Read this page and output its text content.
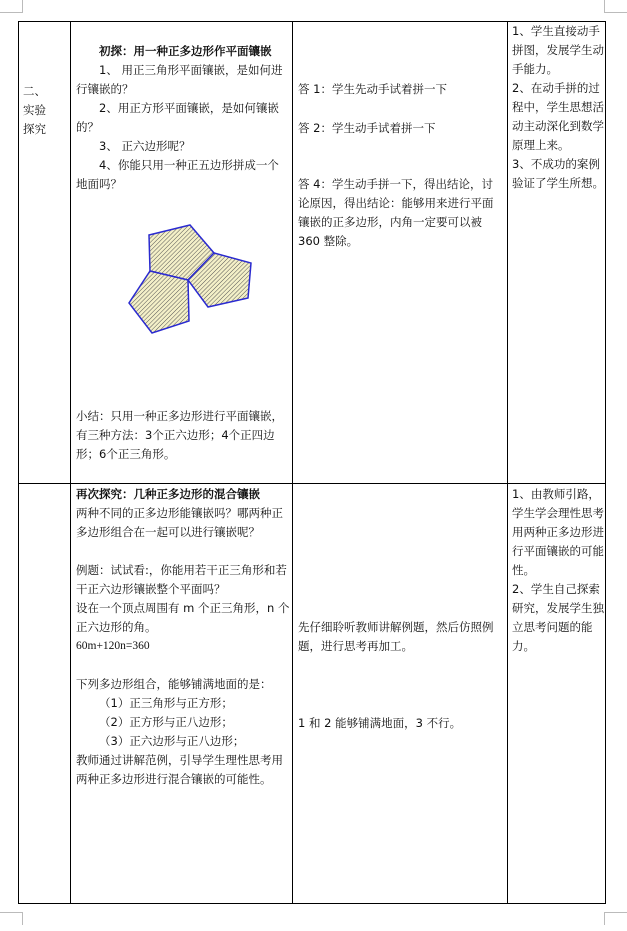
二、
实验
探究
初探：用一种正多边形作平面镶嵌
1、 用正三角形平面镶嵌，是如何进行镶嵌的？
2、用正方形平面镶嵌，是如何镶嵌的？
3、 正六边形呢？
4、你能只用一种正五边形拼成一个地面吗？
小结：只用一种正多边形进行平面镶嵌，有三种方法：3个正六边形；4个正四边形；6个正三角形。
答 1：学生先动手试着拼一下
答 2：学生动手试着拼一下
答 4：学生动手拼一下，得出结论，讨论原因，得出结论：能够用来进行平面镶嵌的正多边形，内角一定要可以被 360 整除。
1、学生直接动手拼图，发展学生动手能力。
2、在动手拼的过程中，学生思想活动主动深化到数学原理上来。
3、不成功的案例验证了学生所想。
再次探究：几种正多边形的混合镶嵌
两种不同的正多边形能镶嵌吗？哪两种正多边形组合在一起可以进行镶嵌呢？
例题：试试看:，你能用若干正三角形和若干正六边形镶嵌整个平面吗？
设在一个顶点周围有 m 个正三角形，n 个正六边形的角。
60m+120n=360
下列多边形组合，能够铺满地面的是：
（1）正三角形与正方形；
（2）正方形与正八边形；
（3）正六边形与正八边形；
教师通过讲解范例，引导学生理性思考用两种正多边形进行混合镶嵌的可能性。
先仔细聆听教师讲解例题，然后仿照例题，进行思考再加工。
1 和 2 能够铺满地面，3 不行。
1、由教师引路，学生学会理性思考用两种正多边形进行平面镶嵌的可能性。
2、学生自己探索研究，发展学生独立思考问题的能力。
